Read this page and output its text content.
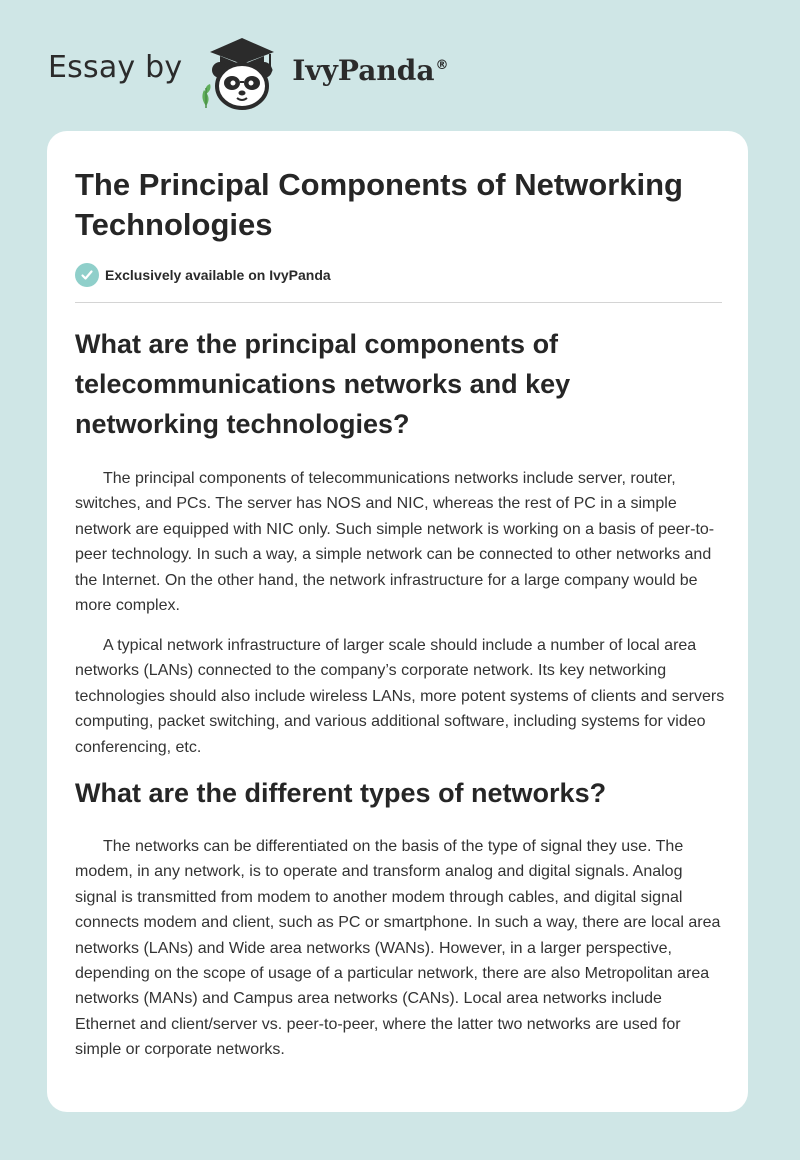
Essay by	IvyPanda®
The Principal Components of Networking Technologies
Exclusively available on IvyPanda
What are the principal components of telecommunications networks and key networking technologies?

The principal components of telecommunications networks include server, router, switches, and PCs. The server has NOS and NIC, whereas the rest of PC in a simple network are equipped with NIC only. Such simple network is working on a basis of peer-to-peer technology. In such a way, a simple network can be connected to other networks and the Internet. On the other hand, the network infrastructure for a large company would be more complex.

A typical network infrastructure of larger scale should include a number of local area networks (LANs) connected to the company’s corporate network. Its key networking technologies should also include wireless LANs, more potent systems of clients and servers computing, packet switching, and various additional software, including systems for video conferencing, etc.

What are the different types of networks?

The networks can be differentiated on the basis of the type of signal they use. The modem, in any network, is to operate and transform analog and digital signals. Analog signal is transmitted from modem to another modem through cables, and digital signal connects modem and client, such as PC or smartphone. In such a way, there are local area networks (LANs) and Wide area networks (WANs). However, in a larger perspective, depending on the scope of usage of a particular network, there are also Metropolitan area networks (MANs) and Campus area networks (CANs). Local area networks include Ethernet and client/server vs. peer-to-peer, where the latter two networks are used for simple or corporate networks.
